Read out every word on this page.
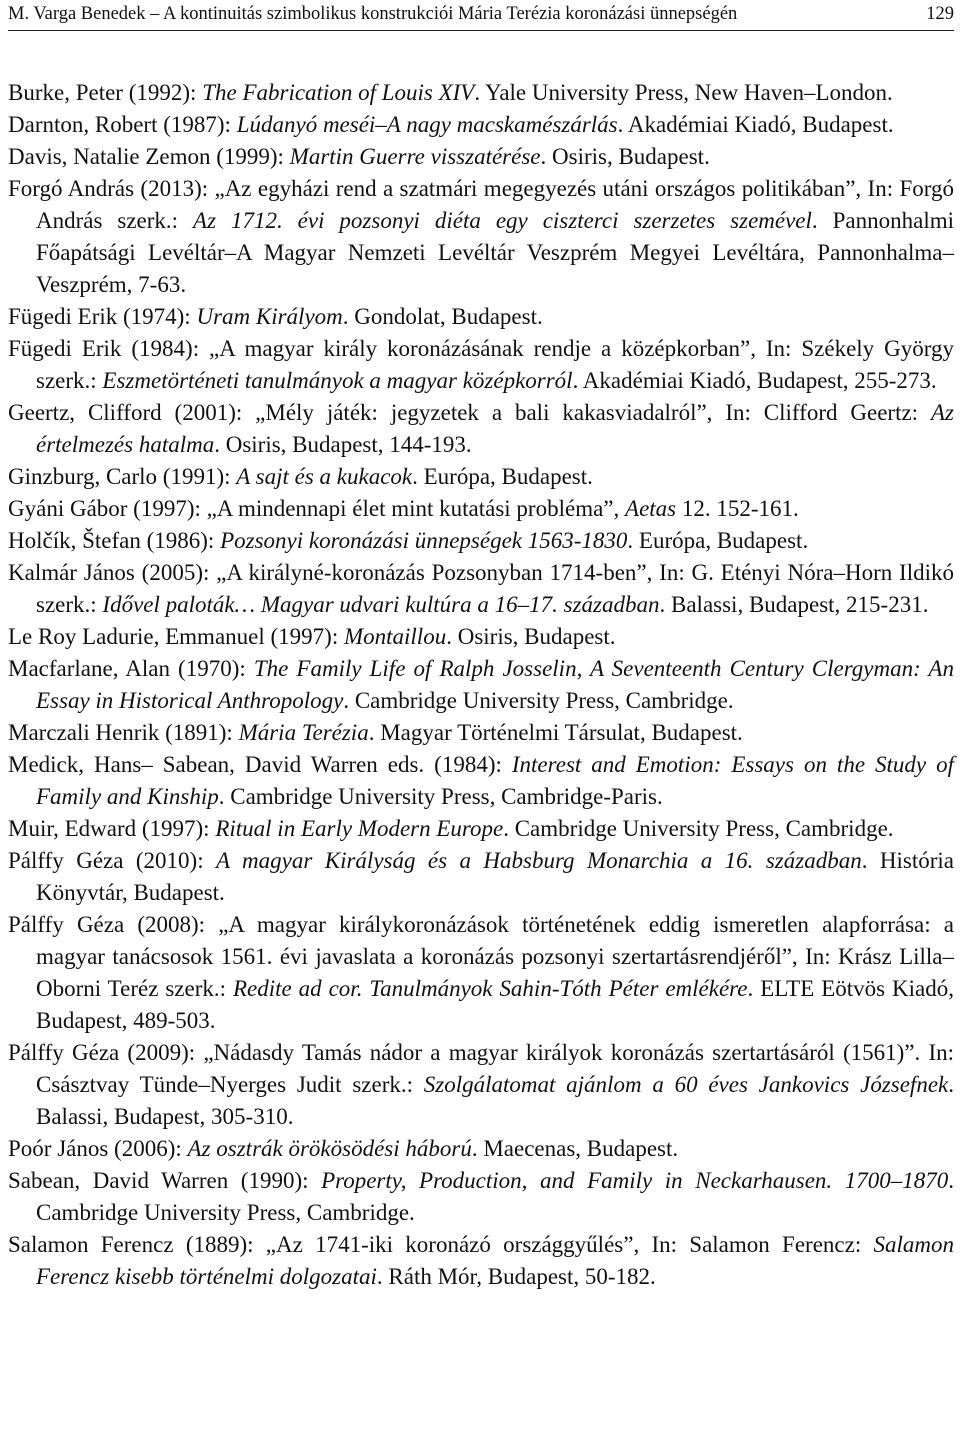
M. Varga Benedek – A kontinuitás szimbolikus konstrukciói Mária Terézia koronázási ünnepségén	129

Burke, Peter (1992): The Fabrication of Louis XIV. Yale University Press, New Haven–London.

Darnton, Robert (1987): Lúdanyó meséi–A nagy macskamészárlás. Akadémiai Kiadó, Budapest.

Davis, Natalie Zemon (1999): Martin Guerre visszatérése. Osiris, Budapest.

Forgó András (2013): „Az egyházi rend a szatmári megegyezés utáni országos politikában”, In: Forgó András szerk.: Az 1712. évi pozsonyi diéta egy ciszterci szerzetes szemével. Pannonhalmi Főapátsági Levéltár–A Magyar Nemzeti Levéltár Veszprém Megyei Levéltára, Pannonhalma–Veszprém, 7-63.

Fügedi Erik (1974): Uram Királyom. Gondolat, Budapest.

Fügedi Erik (1984): „A magyar király koronázásának rendje a középkorban”, In: Székely György szerk.: Eszmetörténeti tanulmányok a magyar középkorról. Akadémiai Kiadó, Budapest, 255-273.

Geertz, Clifford (2001): „Mély játék: jegyzetek a bali kakasviadalról”, In: Clifford Geertz: Az értelmezés hatalma. Osiris, Budapest, 144-193.

Ginzburg, Carlo (1991): A sajt és a kukacok. Európa, Budapest.

Gyáni Gábor (1997): „A mindennapi élet mint kutatási probléma”, Aetas 12. 152-161.

Holčík, Štefan (1986): Pozsonyi koronázási ünnepségek 1563-1830. Európa, Budapest.

Kalmár János (2005): „A királyné-koronázás Pozsonyban 1714-ben”, In: G. Etényi Nóra–Horn Ildikó szerk.: Idővel paloták… Magyar udvari kultúra a 16–17. században. Balassi, Budapest, 215-231.

Le Roy Ladurie, Emmanuel (1997): Montaillou. Osiris, Budapest.

Macfarlane, Alan (1970): The Family Life of Ralph Josselin, A Seventeenth Century Clergyman: An Essay in Historical Anthropology. Cambridge University Press, Cambridge.

Marczali Henrik (1891): Mária Terézia. Magyar Történelmi Társulat, Budapest.

Medick, Hans– Sabean, David Warren eds. (1984): Interest and Emotion: Essays on the Study of Family and Kinship. Cambridge University Press, Cambridge-Paris.

Muir, Edward (1997): Ritual in Early Modern Europe. Cambridge University Press, Cambridge.

Pálffy Géza (2010): A magyar Királyság és a Habsburg Monarchia a 16. században. História Könyvtár, Budapest.

Pálffy Géza (2008): „A magyar királykoronázások történetének eddig ismeretlen alapforrása: a magyar tanácsosok 1561. évi javaslata a koronázás pozsonyi szertartásrendjéről”, In: Krász Lilla–Oborni Teréz szerk.: Redite ad cor. Tanulmányok Sahin-Tóth Péter emlékére. ELTE Eötvös Kiadó, Budapest, 489-503.

Pálffy Géza (2009): „Nádasdy Tamás nádor a magyar királyok koronázás szertartásáról (1561)”. In: Császtvay Tünde–Nyerges Judit szerk.: Szolgálatomat ajánlom a 60 éves Jankovics Józsefnek. Balassi, Budapest, 305-310.

Poór János (2006): Az osztrák örökösödési háború. Maecenas, Budapest.

Sabean, David Warren (1990): Property, Production, and Family in Neckarhausen. 1700–1870. Cambridge University Press, Cambridge.

Salamon Ferencz (1889): „Az 1741-iki koronázó országgyűlés”, In: Salamon Ferencz: Salamon Ferencz kisebb történelmi dolgozatai. Ráth Mór, Budapest, 50-182.
